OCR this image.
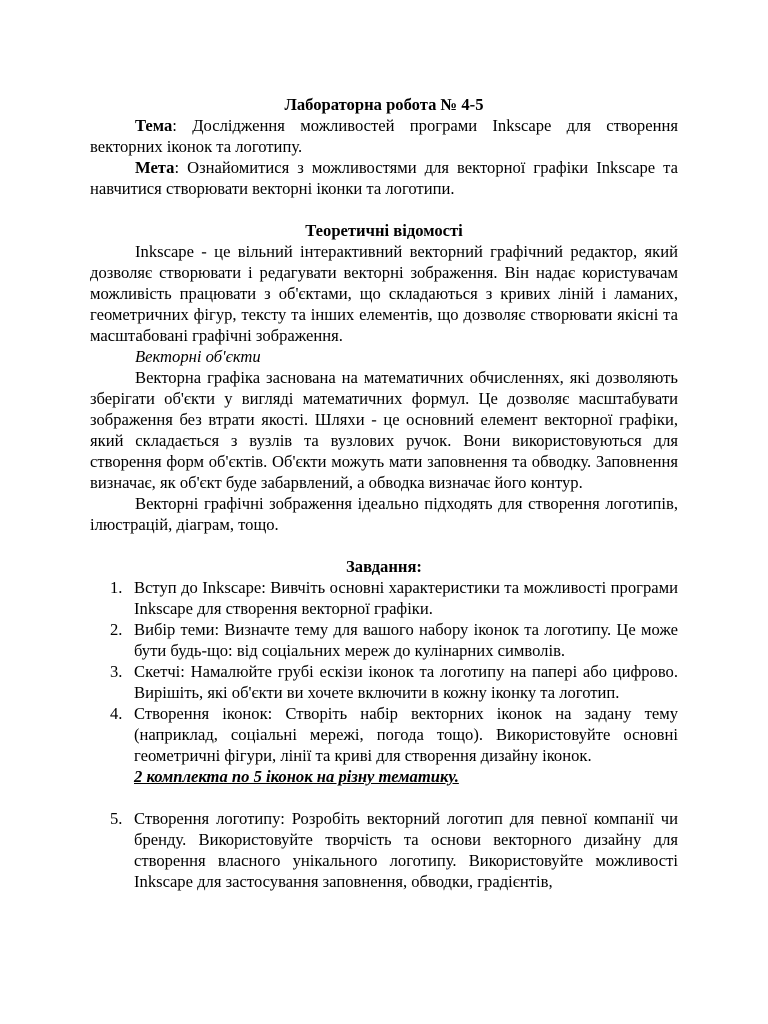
Лабораторна робота № 4-5

Тема: Дослідження можливостей програми Inkscape для створення векторних іконок та логотипу.

Мета: Ознайомитися з можливостями для векторної графіки Inkscape та навчитися створювати векторні іконки та логотипи.

Теоретичні відомості

Inkscape - це вільний інтерактивний векторний графічний редактор, який дозволяє створювати і редагувати векторні зображення. Він надає користувачам можливість працювати з об'єктами, що складаються з кривих ліній і ламаних, геометричних фігур, тексту та інших елементів, що дозволяє створювати якісні та масштабовані графічні зображення.

Векторні об'єкти

Векторна графіка заснована на математичних обчисленнях, які дозволяють зберігати об'єкти у вигляді математичних формул. Це дозволяє масштабувати зображення без втрати якості. Шляхи - це основний елемент векторної графіки, який складається з вузлів та вузлових ручок. Вони використовуються для створення форм об'єктів. Об'єкти можуть мати заповнення та обводку. Заповнення визначає, як об'єкт буде забарвлений, а обводка визначає його контур.

Векторні графічні зображення ідеально підходять для створення логотипів, ілюстрацій, діаграм, тощо.

Завдання:

1. Вступ до Inkscape: Вивчіть основні характеристики та можливості програми Inkscape для створення векторної графіки.
2. Вибір теми: Визначте тему для вашого набору іконок та логотипу. Це може бути будь-що: від соціальних мереж до кулінарних символів.
3. Скетчі: Намалюйте грубі ескізи іконок та логотипу на папері або цифрово. Вирішіть, які об'єкти ви хочете включити в кожну іконку та логотип.
4. Створення іконок: Створіть набір векторних іконок на задану тему (наприклад, соціальні мережі, погода тощо). Використовуйте основні геометричні фігури, лінії та криві для створення дизайну іконок.
2 комплекта по 5 іконок на різну тематику.

5. Створення логотипу: Розробіть векторний логотип для певної компанії чи бренду. Використовуйте творчість та основи векторного дизайну для створення власного унікального логотипу. Використовуйте можливості Inkscape для застосування заповнення, обводки, градієнтів,
